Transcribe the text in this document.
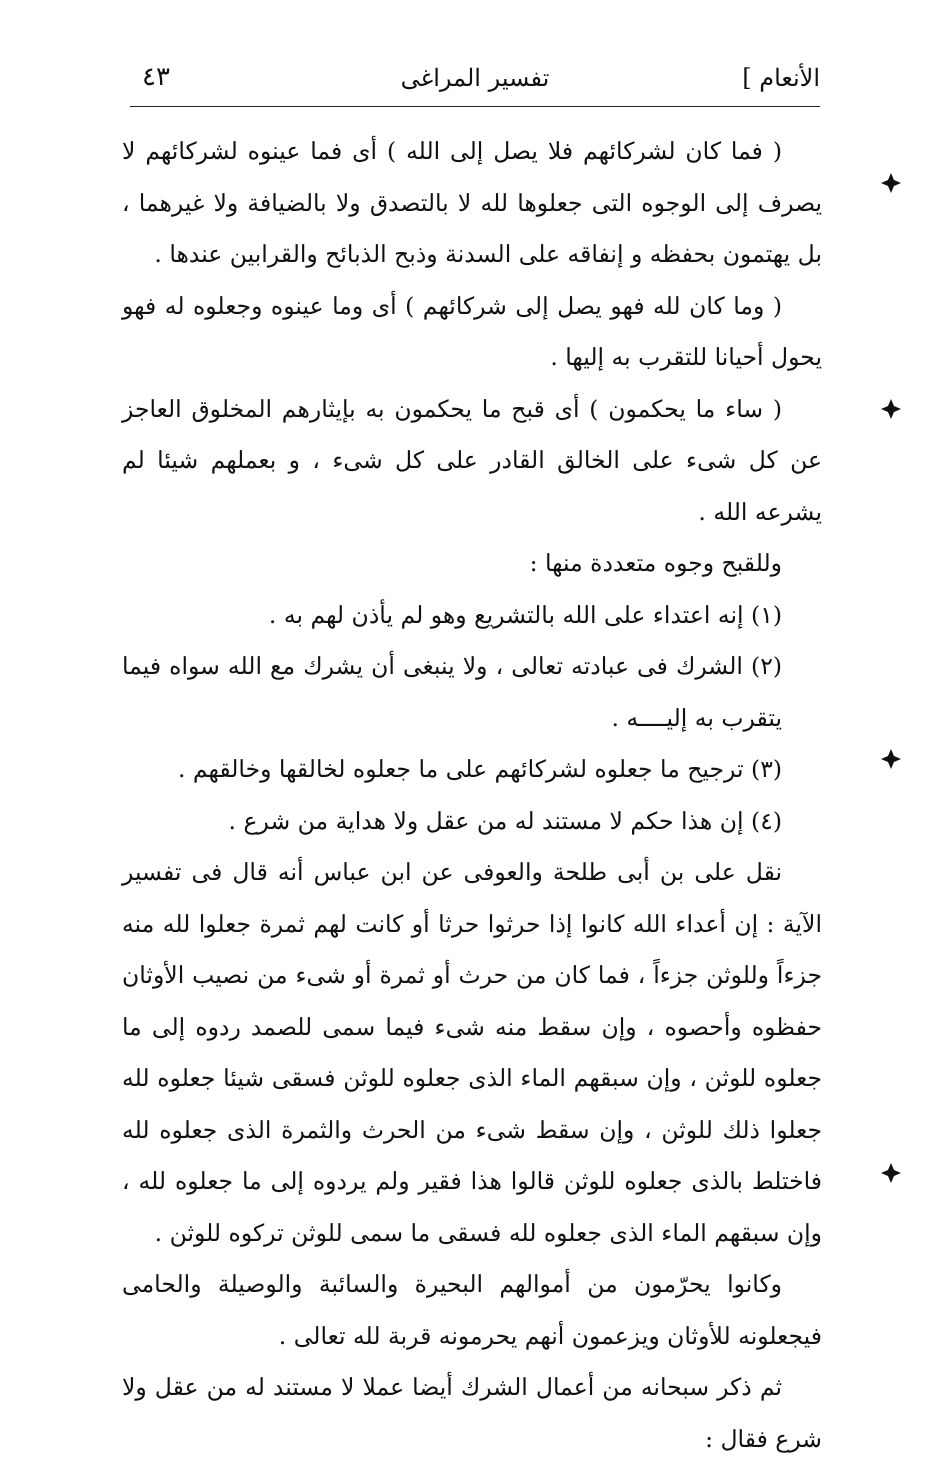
الأنعام ]
تفسير المراغى
٤٣

( فما كان لشركائهم فلا يصل إلى الله ) أى فما عينوه لشركائهم لا يصرف إلى الوجوه التى جعلوها لله لا بالتصدق ولا بالضيافة ولا غيرهما ، بل يهتمون بحفظه و إنفاقه على السدنة وذبح الذبائح والقرابين عندها .

( وما كان لله فهو يصل إلى شركائهم ) أى وما عينوه وجعلوه له فهو يحول أحيانا للتقرب به إليها .

( ساء ما يحكمون ) أى قبح ما يحكمون به بإيثارهم المخلوق العاجز عن كل شىء على الخالق القادر على كل شىء ، و بعملهم شيئا لم يشرعه الله .

وللقبح وجوه متعددة منها :

(١) إنه اعتداء على الله بالتشريع وهو لم يأذن لهم به .

(٢) الشرك فى عبادته تعالى ، ولا ينبغى أن يشرك مع الله سواه فيما يتقرب به إليــــه .

(٣) ترجيح ما جعلوه لشركائهم على ما جعلوه لخالقها وخالقهم .

(٤) إن هذا حكم لا مستند له من عقل ولا هداية من شرع .

نقل على بن أبى طلحة والعوفى عن ابن عباس أنه قال فى تفسير الآية : إن أعداء الله كانوا إذا حرثوا حرثا أو كانت لهم ثمرة جعلوا لله منه جزءاً وللوثن جزءاً ، فما كان من حرث أو ثمرة أو شىء من نصيب الأوثان حفظوه وأحصوه ، وإن سقط منه شىء فيما سمى للصمد ردوه إلى ما جعلوه للوثن ، وإن سبقهم الماء الذى جعلوه للوثن فسقى شيئا جعلوه لله جعلوا ذلك للوثن ، وإن سقط شىء من الحرث والثمرة الذى جعلوه لله فاختلط بالذى جعلوه للوثن قالوا هذا فقير ولم يردوه إلى ما جعلوه لله ، وإن سبقهم الماء الذى جعلوه لله فسقى ما سمى للوثن تركوه للوثن .

وكانوا يحرّمون من أموالهم البحيرة والسائبة والوصيلة والحامى فيجعلونه للأوثان ويزعمون أنهم يحرمونه قربة لله تعالى .

ثم ذكر سبحانه من أعمال الشرك أيضا عملا لا مستند له من عقل ولا شرع فقال :
